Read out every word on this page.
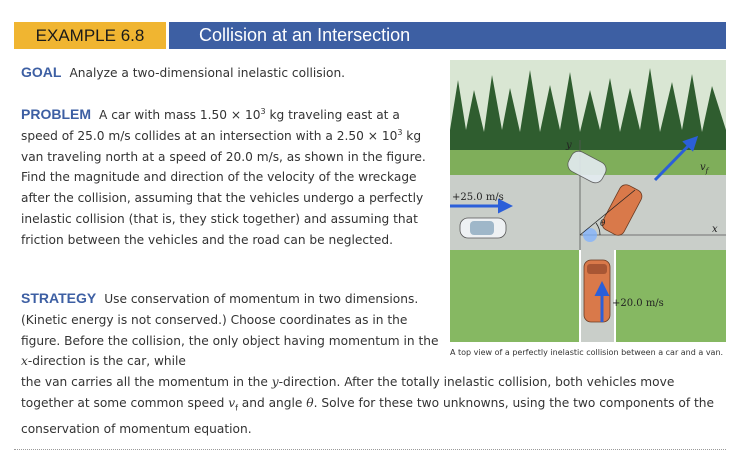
EXAMPLE 6.8	Collision at an Intersection
GOAL Analyze a two-dimensional inelastic collision.
PROBLEM A car with mass $1.50 \times 10^3$ kg traveling east at a speed of 25.0 m/s collides at an intersection with a $2.50 \times 10^3$ kg van traveling north at a speed of 20.0 m/s, as shown in the figure. Find the magnitude and direction of the velocity of the wreckage after the collision, assuming that the vehicles undergo a perfectly inelastic collision (that is, they stick together) and assuming that friction between the vehicles and the road can be neglected.
STRATEGY Use conservation of momentum in two dimensions. (Kinetic energy is not conserved.) Choose coordinates as in the figure. Before the collision, the only object having momentum in the x-direction is the car, while
the van carries all the momentum in the y-direction. After the totally inelastic collision, both vehicles move together at some common speed $v_f$ and angle θ. Solve for these two unknowns, using the two components of the conservation of momentum equation.
y
x
+25.0 m/s
+20.0 m/s
$v_f$
θ
A top view of a perfectly inelastic collision between a car and a van.
